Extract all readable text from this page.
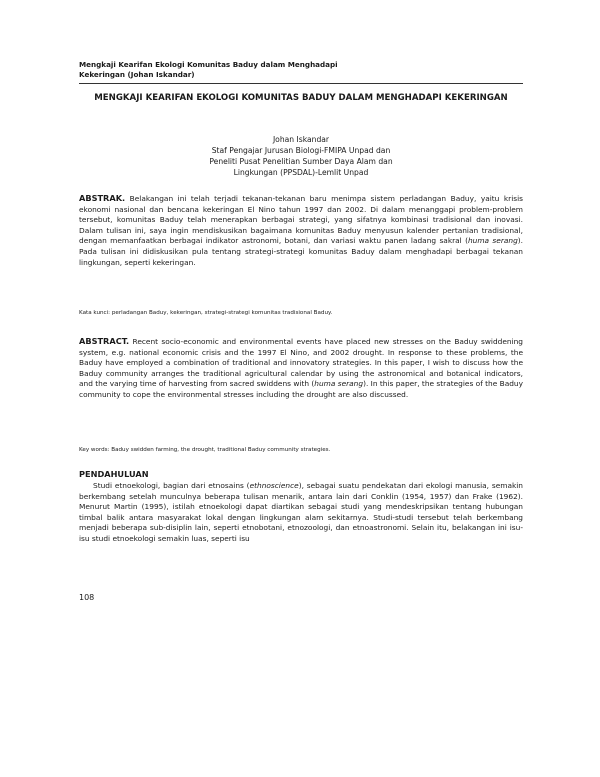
Mengkaji Kearifan Ekologi Komunitas Baduy dalam Menghadapi Kekeringan (Johan Iskandar)
MENGKAJI KEARIFAN EKOLOGI KOMUNITAS BADUY DALAM MENGHADAPI KEKERINGAN
Johan Iskandar
Staf Pengajar Jurusan Biologi-FMIPA Unpad dan
Peneliti Pusat Penelitian Sumber Daya Alam dan
Lingkungan (PPSDAL)-Lemlit Unpad
ABSTRAK. Belakangan ini telah terjadi tekanan-tekanan baru menimpa sistem perladangan Baduy, yaitu krisis ekonomi nasional dan bencana kekeringan El Nino tahun 1997 dan 2002. Di dalam menanggapi problem-problem tersebut, komunitas Baduy telah menerapkan berbagai strategi, yang sifatnya kombinasi tradisional dan inovasi. Dalam tulisan ini, saya ingin mendiskusikan bagaimana komunitas Baduy menyusun kalender pertanian tradisional, dengan memanfaatkan berbagai indikator astronomi, botani, dan variasi waktu panen ladang sakral (huma serang). Pada tulisan ini didiskusikan pula tentang strategi-strategi komunitas Baduy dalam menghadapi berbagai tekanan lingkungan, seperti kekeringan.
Kata kunci: perladangan Baduy, kekeringan, strategi-strategi komunitas tradisional Baduy.
ABSTRACT. Recent socio-economic and environmental events have placed new stresses on the Baduy swiddening system, e.g. national economic crisis and the 1997 El Nino, and 2002 drought. In response to these problems, the Baduy have employed a combination of traditional and innovatory strategies. In this paper, I wish to discuss how the Baduy community arranges the traditional agricultural calendar by using the astronomical and botanical indicators, and the varying time of harvesting from sacred swiddens with (huma serang). In this paper, the strategies of the Baduy community to cope the environmental stresses including the drought are also discussed.
Key words: Baduy swidden farming, the drought, traditional Baduy community strategies.
PENDAHULUAN
Studi etnoekologi, bagian dari etnosains (ethnoscience), sebagai suatu pendekatan dari ekologi manusia, semakin berkembang setelah munculnya beberapa tulisan menarik, antara lain dari Conklin (1954, 1957) dan Frake (1962). Menurut Martin (1995), istilah etnoekologi dapat diartikan sebagai studi yang mendeskripsikan tentang hubungan timbal balik antara masyarakat lokal dengan lingkungan alam sekitarnya. Studi-studi tersebut telah berkembang menjadi beberapa sub-disiplin lain, seperti etnobotani, etnozoologi, dan etnoastronomi. Selain itu, belakangan ini isu-isu studi etnoekologi semakin luas, seperti isu
108
